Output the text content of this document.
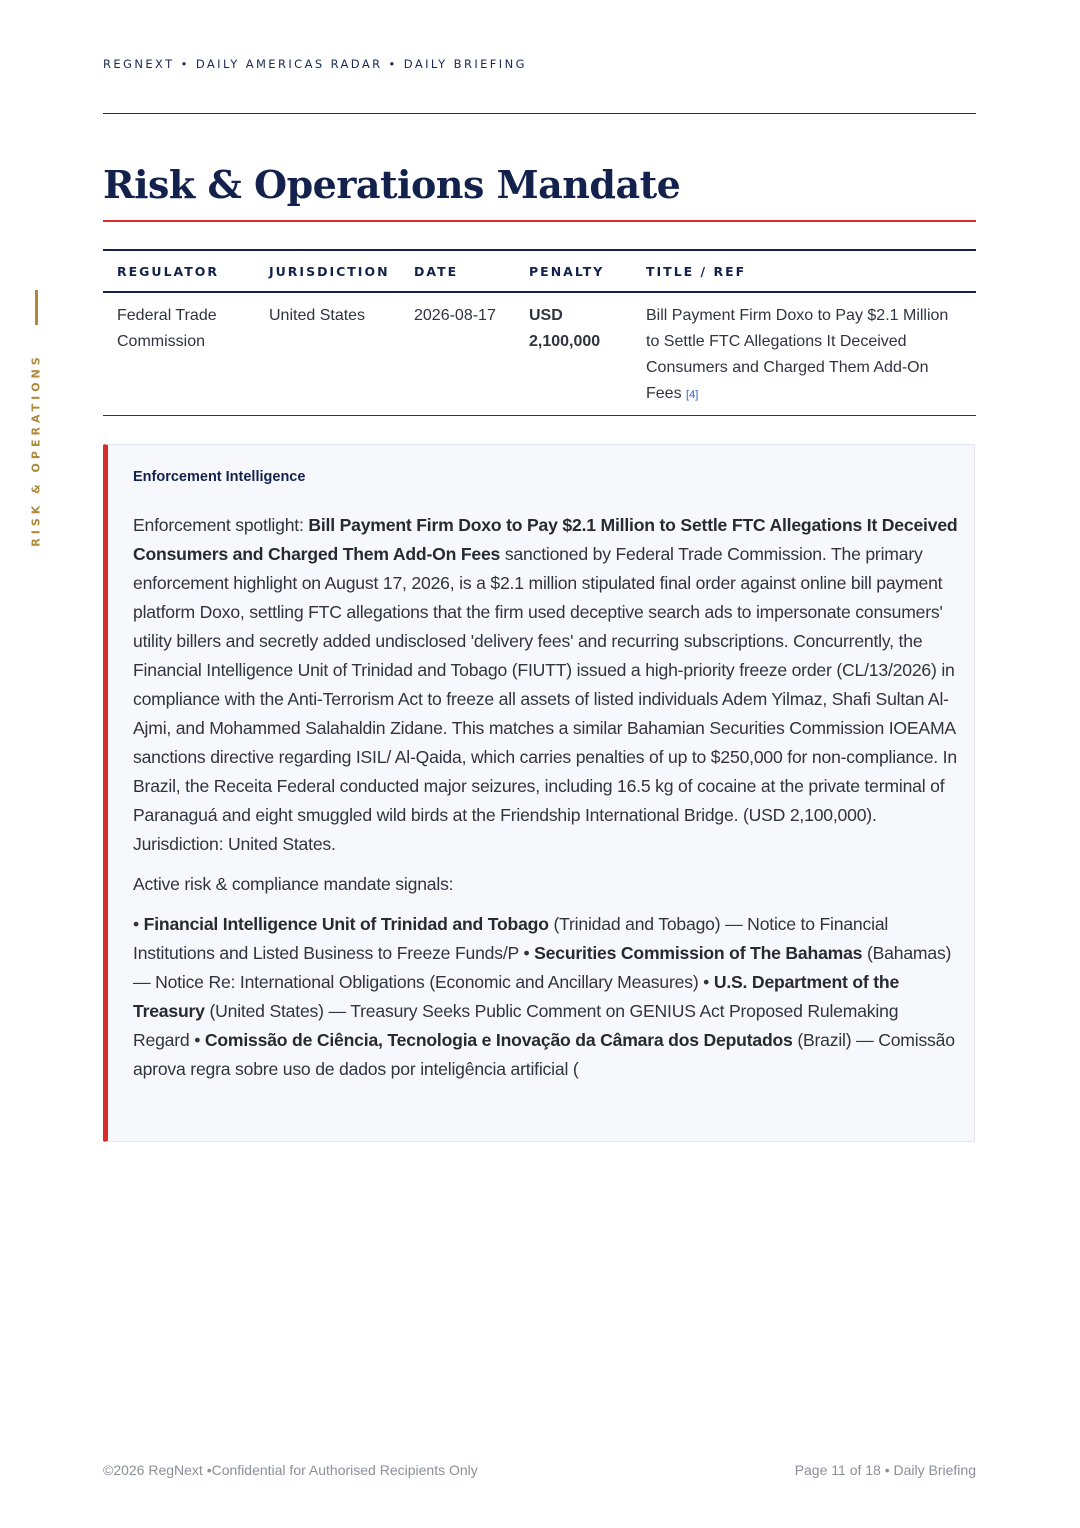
REGNEXT • DAILY AMERICAS RADAR • DAILY BRIEFING
RISK & OPERATIONS
Risk & Operations Mandate
REGULATOR	JURISDICTION	DATE	PENALTY	TITLE / REF
Federal Trade Commission	United States	2026-08-17	USD 2,100,000	Bill Payment Firm Doxo to Pay $2.1 Million to Settle FTC Allegations It Deceived Consumers and Charged Them Add-On Fees [4]
Enforcement Intelligence

Enforcement spotlight: Bill Payment Firm Doxo to Pay $2.1 Million to Settle FTC Allegations It Deceived Consumers and Charged Them Add-On Fees sanctioned by Federal Trade Commission. The primary enforcement highlight on August 17, 2026, is a $2.1 million stipulated final order against online bill payment platform Doxo, settling FTC allegations that the firm used deceptive search ads to impersonate consumers' utility billers and secretly added undisclosed 'delivery fees' and recurring subscriptions. Concurrently, the Financial Intelligence Unit of Trinidad and Tobago (FIUTT) issued a high-priority freeze order (CL/13/2026) in compliance with the Anti-Terrorism Act to freeze all assets of listed individuals Adem Yilmaz, Shafi Sultan Al-Ajmi, and Mohammed Salahaldin Zidane. This matches a similar Bahamian Securities Commission IOEAMA sanctions directive regarding ISIL/ Al-Qaida, which carries penalties of up to $250,000 for non-compliance. In Brazil, the Receita Federal conducted major seizures, including 16.5 kg of cocaine at the private terminal of Paranaguá and eight smuggled wild birds at the Friendship International Bridge. (USD 2,100,000). Jurisdiction: United States.

Active risk & compliance mandate signals:

• Financial Intelligence Unit of Trinidad and Tobago (Trinidad and Tobago) — Notice to Financial Institutions and Listed Business to Freeze Funds/P • Securities Commission of The Bahamas (Bahamas) — Notice Re: International Obligations (Economic and Ancillary Measures) • U.S. Department of the Treasury (United States) — Treasury Seeks Public Comment on GENIUS Act Proposed Rulemaking Regard • Comissão de Ciência, Tecnologia e Inovação da Câmara dos Deputados (Brazil) — Comissão aprova regra sobre uso de dados por inteligência artificial (

©2026 RegNext •Confidential for Authorised Recipients Only	Page 11 of 18 • Daily Briefing
